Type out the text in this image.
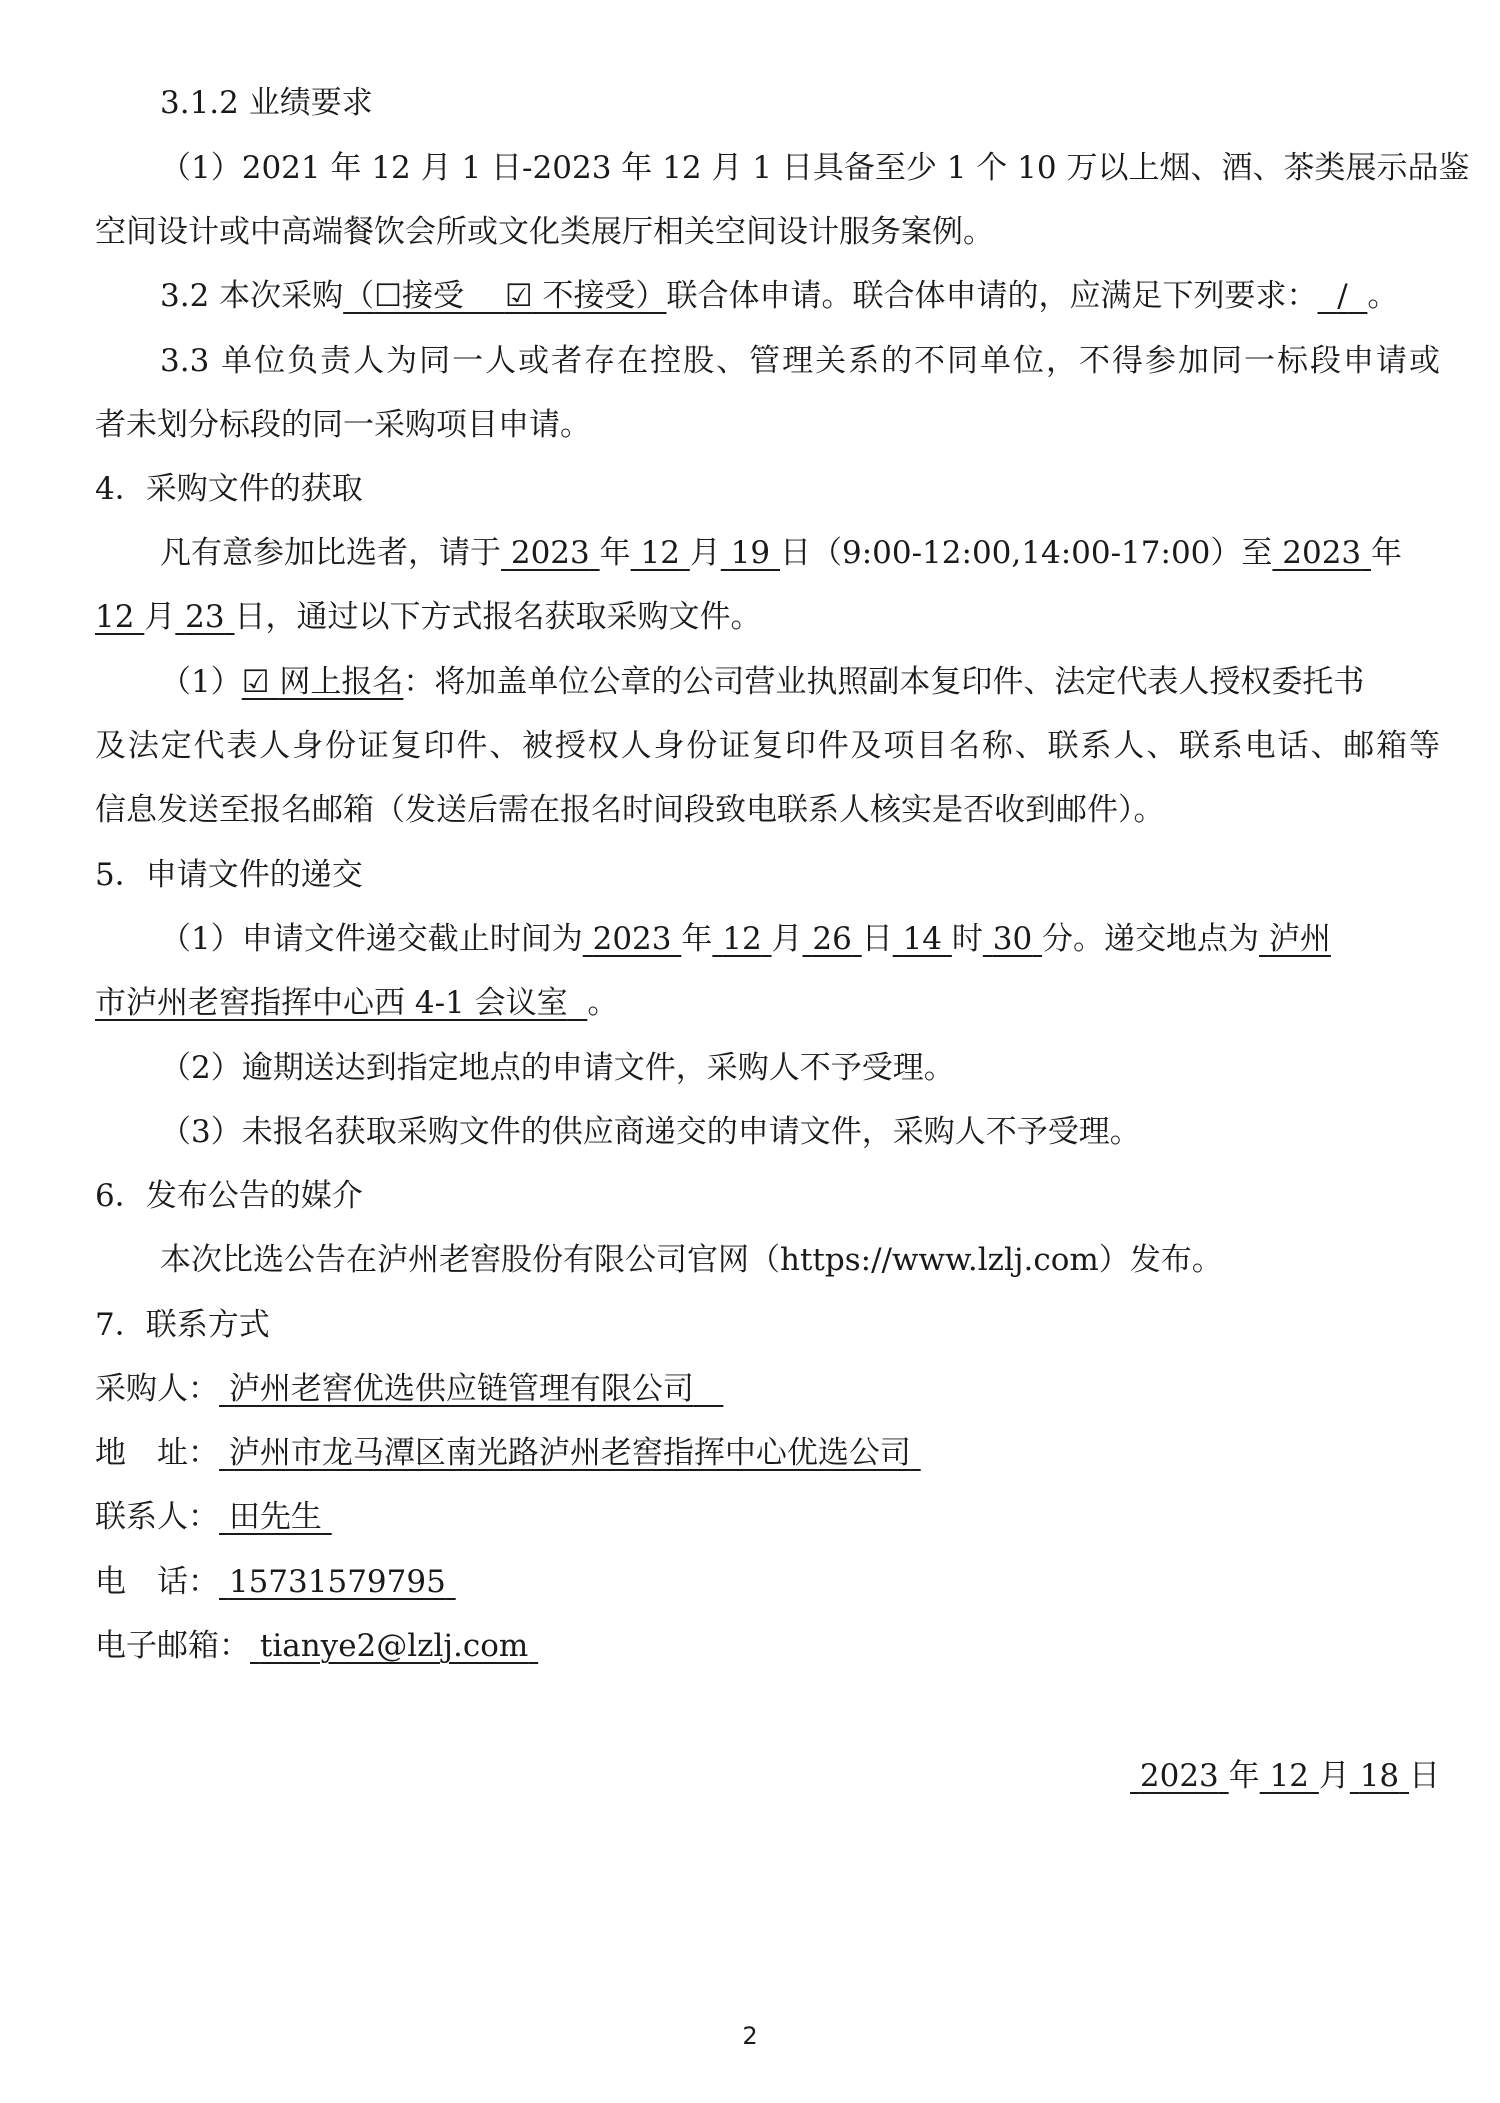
3.1.2 业绩要求
（1）2021 年 12 月 1 日-2023 年 12 月 1 日具备至少 1 个 10 万以上烟、酒、茶类展示品鉴
空间设计或中高端餐饮会所或文化类展厅相关空间设计服务案例。
3.2 本次采购（☐接受　 ☑ 不接受）联合体申请。联合体申请的，应满足下列要求： / 。
3.3 单位负责人为同一人或者存在控股、管理关系的不同单位，不得参加同一标段申请或
者未划分标段的同一采购项目申请。
4．采购文件的获取
凡有意参加比选者，请于 2023 年 12 月 19 日（9:00-12:00,14:00-17:00）至 2023 年
12 月 23 日，通过以下方式报名获取采购文件。
（1）☑ 网上报名：将加盖单位公章的公司营业执照副本复印件、法定代表人授权委托书
及法定代表人身份证复印件、被授权人身份证复印件及项目名称、联系人、联系电话、邮箱等
信息发送至报名邮箱（发送后需在报名时间段致电联系人核实是否收到邮件）。
5．申请文件的递交
（1）申请文件递交截止时间为 2023 年 12 月 26 日 14 时 30 分。递交地点为 泸州
市泸州老窖指挥中心西 4-1 会议室 。
（2）逾期送达到指定地点的申请文件，采购人不予受理。
（3）未报名获取采购文件的供应商递交的申请文件，采购人不予受理。
6．发布公告的媒介
本次比选公告在泸州老窖股份有限公司官网（https://www.lzlj.com）发布。
7．联系方式
采购人： 泸州老窖优选供应链管理有限公司
地　址： 泸州市龙马潭区南光路泸州老窖指挥中心优选公司
联系人： 田先生
电　话： 15731579795
电子邮箱： tianye2@lzlj.com
2023 年 12 月 18 日
2
